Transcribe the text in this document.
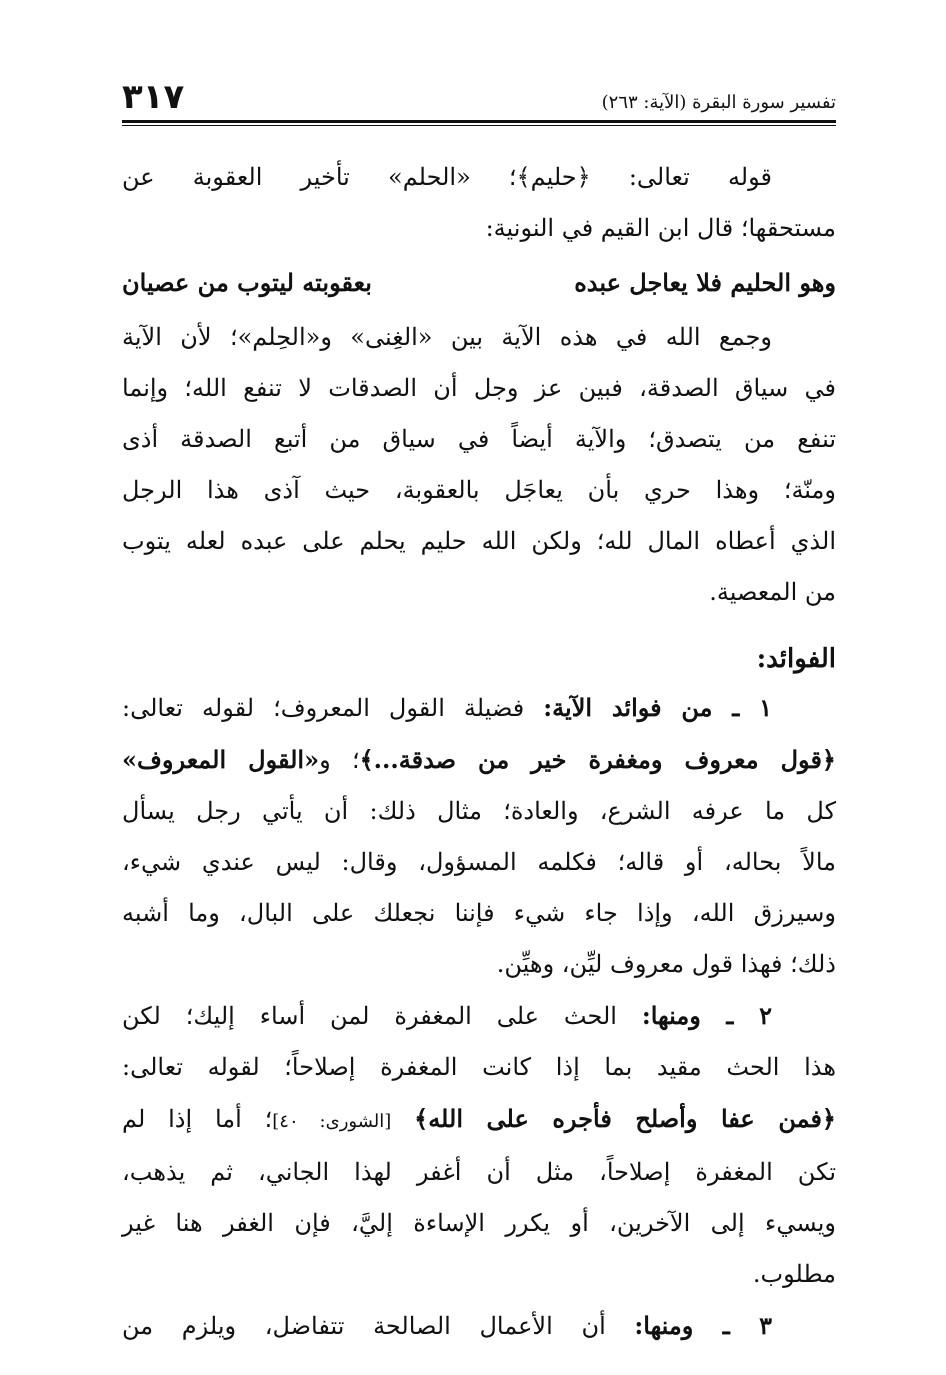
تفسير سورة البقرة (الآية: ٢٦٣)
٣١٧
قوله تعالى: ﴿حليم﴾؛ «الحلم» تأخير العقوبة عن
مستحقها؛ قال ابن القيم في النونية:
وهو الحليم فلا يعاجل عبده
بعقوبته ليتوب من عصيان
وجمع الله في هذه الآية بين «الغِنى» و«الحِلم»؛ لأن الآية
في سياق الصدقة، فبين عز وجل أن الصدقات لا تنفع الله؛ وإنما
تنفع من يتصدق؛ والآية أيضاً في سياق من أتبع الصدقة أذى
ومنّة؛ وهذا حري بأن يعاجَل بالعقوبة، حيث آذى هذا الرجل
الذي أعطاه المال لله؛ ولكن الله حليم يحلم على عبده لعله يتوب
من المعصية.
الفوائد:
١ ـ من فوائد الآية: فضيلة القول المعروف؛ لقوله تعالى:
﴿قول معروف ومغفرة خير من صدقة...﴾؛ و«القول المعروف»
كل ما عرفه الشرع، والعادة؛ مثال ذلك: أن يأتي رجل يسأل
مالاً بحاله، أو قاله؛ فكلمه المسؤول، وقال: ليس عندي شيء،
وسيرزق الله، وإذا جاء شيء فإننا نجعلك على البال، وما أشبه
ذلك؛ فهذا قول معروف ليِّن، وهيِّن.
٢ ـ ومنها: الحث على المغفرة لمن أساء إليك؛ لكن
هذا الحث مقيد بما إذا كانت المغفرة إصلاحاً؛ لقوله تعالى:
﴿فمن عفا وأصلح فأجره على الله﴾ [الشورى: ٤٠]؛ أما إذا لم
تكن المغفرة إصلاحاً، مثل أن أغفر لهذا الجاني، ثم يذهب،
ويسيء إلى الآخرين، أو يكرر الإساءة إليَّ، فإن الغفر هنا غير
مطلوب.
٣ ـ ومنها: أن الأعمال الصالحة تتفاضل، ويلزم من
